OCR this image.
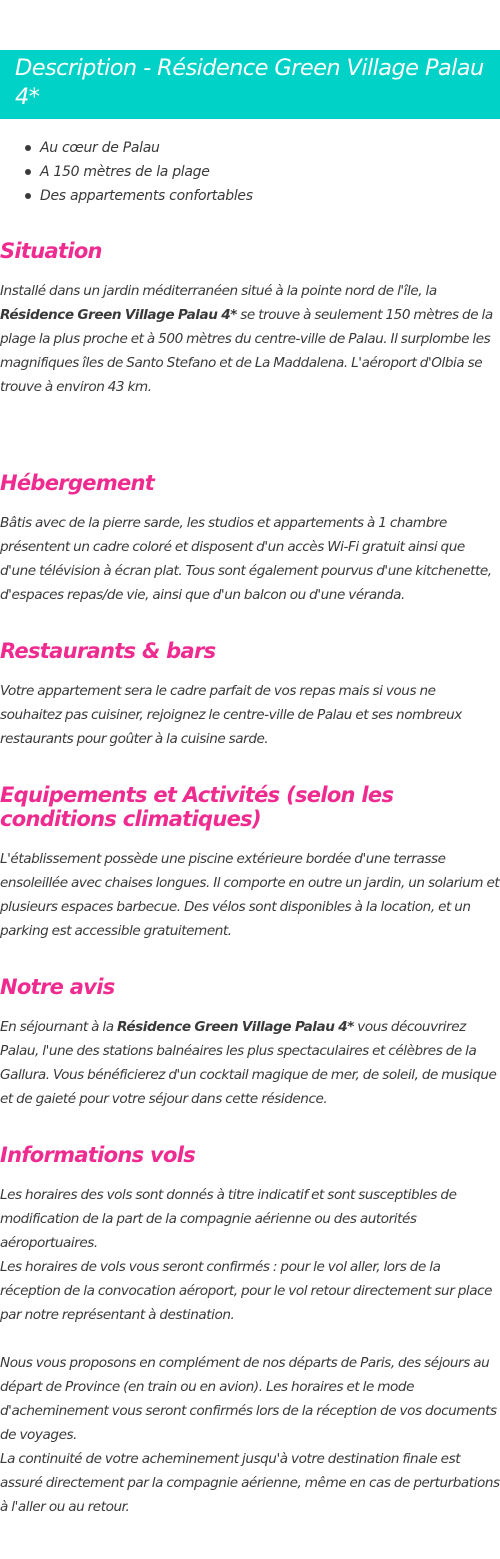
Description - Résidence Green Village Palau 4*
Au cœur de Palau
A 150 mètres de la plage
Des appartements confortables
Situation

Installé dans un jardin méditerranéen situé à la pointe nord de l'île, la Résidence Green Village Palau 4* se trouve à seulement 150 mètres de la plage la plus proche et à 500 mètres du centre-ville de Palau. Il surplombe les magnifiques îles de Santo Stefano et de La Maddalena. L'aéroport d'Olbia se trouve à environ 43 km.

Hébergement

Bâtis avec de la pierre sarde, les studios et appartements à 1 chambre présentent un cadre coloré et disposent d'un accès Wi-Fi gratuit ainsi que d'une télévision à écran plat. Tous sont également pourvus d'une kitchenette, d'espaces repas/de vie, ainsi que d'un balcon ou d'une véranda.

Restaurants & bars

Votre appartement sera le cadre parfait de vos repas mais si vous ne souhaitez pas cuisiner, rejoignez le centre-ville de Palau et ses nombreux restaurants pour goûter à la cuisine sarde.

Equipements et Activités (selon les conditions climatiques)

L'établissement possède une piscine extérieure bordée d'une terrasse ensoleillée avec chaises longues. Il comporte en outre un jardin, un solarium et plusieurs espaces barbecue. Des vélos sont disponibles à la location, et un parking est accessible gratuitement.

Notre avis

En séjournant à la Résidence Green Village Palau 4* vous découvrirez Palau, l'une des stations balnéaires les plus spectaculaires et célèbres de la Gallura. Vous bénéficierez d'un cocktail magique de mer, de soleil, de musique et de gaieté pour votre séjour dans cette résidence.

Informations vols

Les horaires des vols sont donnés à titre indicatif et sont susceptibles de modification de la part de la compagnie aérienne ou des autorités aéroportuaires.

Les horaires de vols vous seront confirmés : pour le vol aller, lors de la réception de la convocation aéroport, pour le vol retour directement sur place par notre représentant à destination.

Nous vous proposons en complément de nos départs de Paris, des séjours au départ de Province (en train ou en avion). Les horaires et le mode d'acheminement vous seront confirmés lors de la réception de vos documents de voyages.

La continuité de votre acheminement jusqu'à votre destination finale est assuré directement par la compagnie aérienne, même en cas de perturbations à l'aller ou au retour.
